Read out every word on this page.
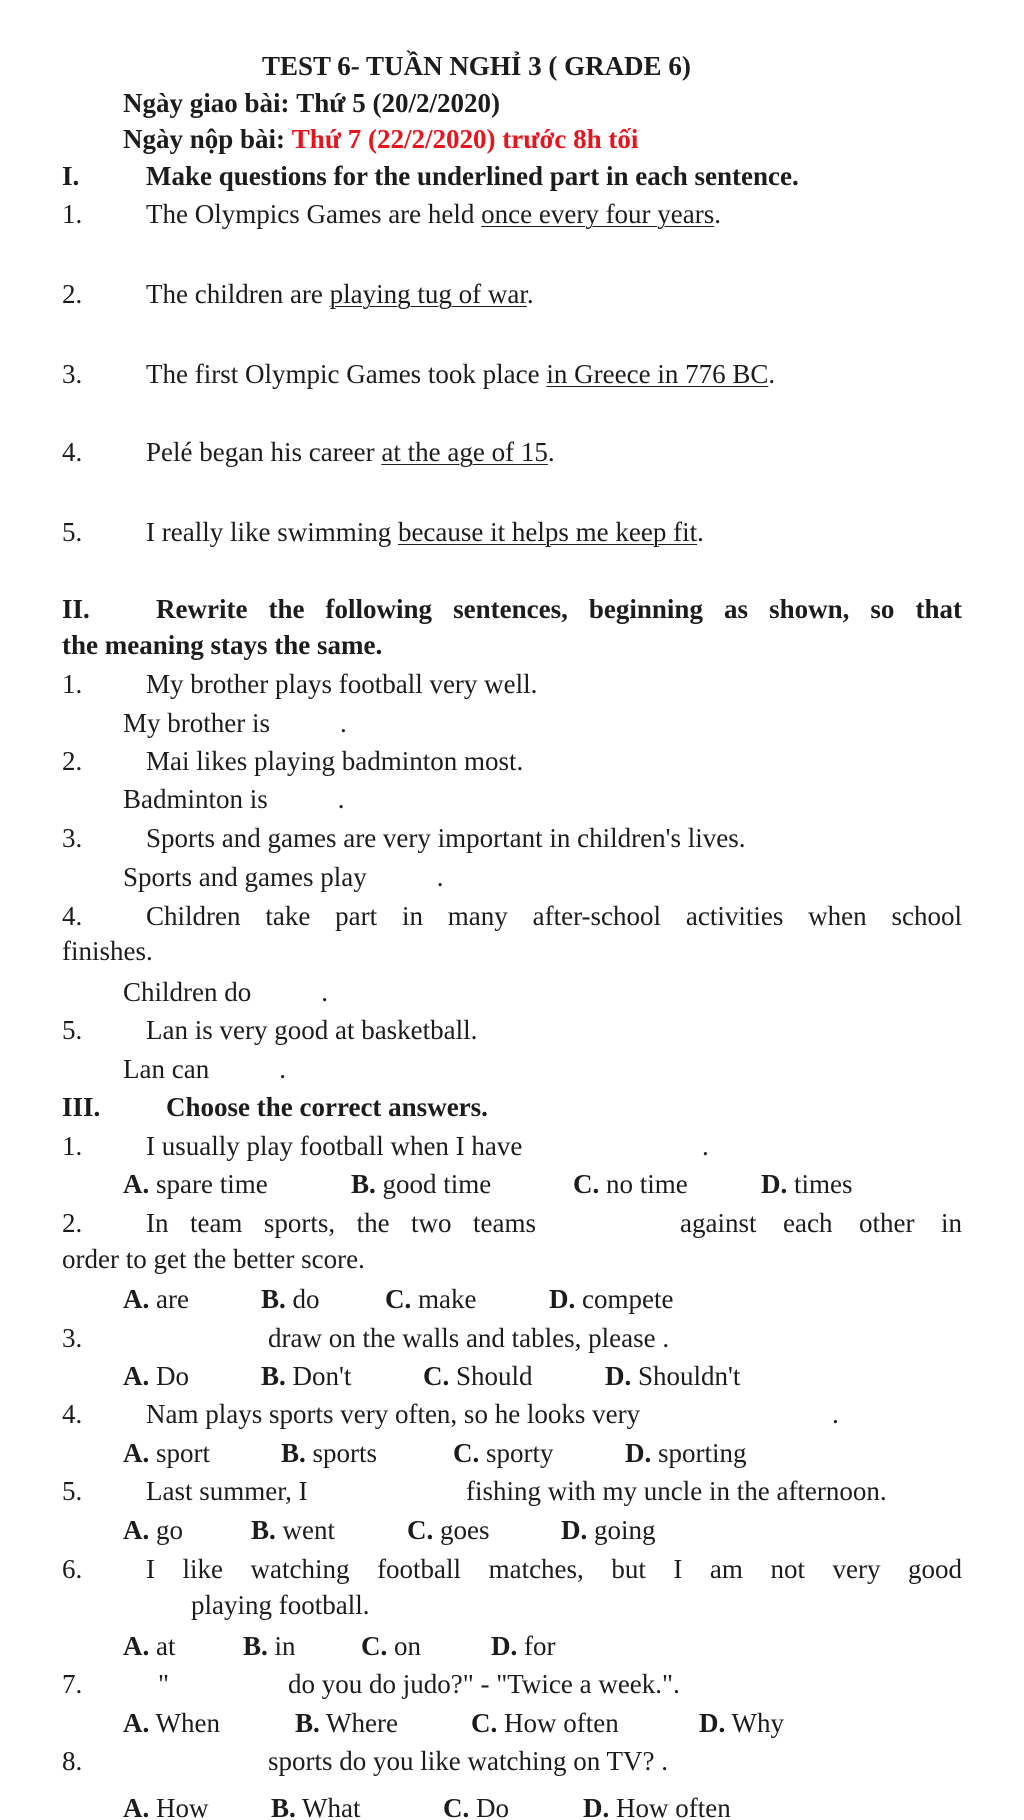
TEST 6- TUẦN NGHỈ 3 ( GRADE 6)
Ngày giao bài: Thứ 5 (20/2/2020)
Ngày nộp bài: Thứ 7 (22/2/2020) trước 8h tối
I. Make questions for the underlined part in each sentence.
1. The Olympics Games are held once every four years.
2. The children are playing tug of war.
3. The first Olympic Games took place in Greece in 776 BC.
4. Pelé began his career at the age of 15.
5. I really like swimming because it helps me keep fit.
II. Rewrite the following sentences, beginning as shown, so that
the meaning stays the same.
1. My brother plays football very well.
My brother is	.
2. Mai likes playing badminton most.
Badminton is	.
3. Sports and games are very important in children's lives.
Sports and games play	.
4. Children take part in many after-school activities when school
finishes.
Children do	.
5. Lan is very good at basketball.
Lan can	.
III. Choose the correct answers.
1. I usually play football when I have	.
A. spare time	B. good time	C. no time	D. times
2. In team sports, the two teams	against each other in
order to get the better score.
A. are	B. do C. make	D. compete
3.	draw on the walls and tables, please .
A. Do	B. Don't	C. Should	D. Shouldn't
4. Nam plays sports very often, so he looks very	.
A. sport	B. sports	C. sporty	D. sporting
5. Last summer, I	fishing with my uncle in the afternoon.
A. go	B. went	C. goes	D. going
6. I like watching football matches, but I am not very good
playing football.
A. at	B. in C. on	D. for
7.	"	do you do judo?" - "Twice a week.".
A. When	B. Where	C. How often	D. Why
8.	sports do you like watching on TV? .
A. How B. What	C. Do	D. How often
